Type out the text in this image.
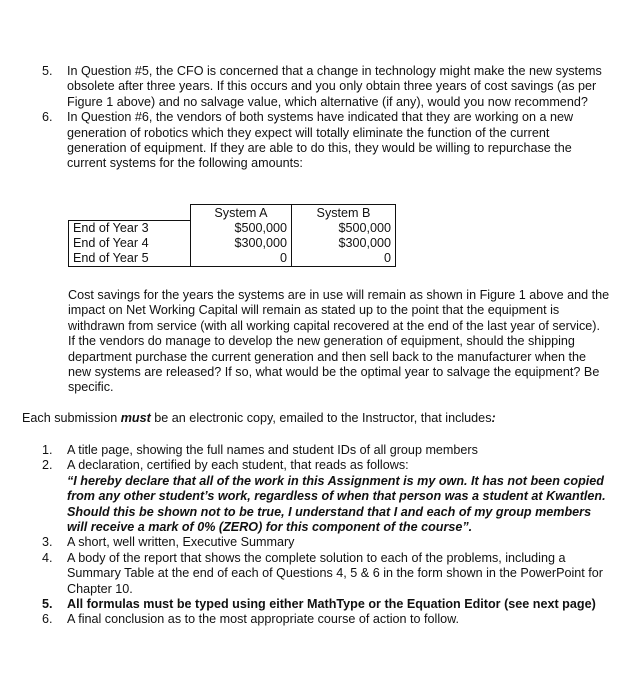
5.	In Question #5, the CFO is concerned that a change in technology might make the new systems obsolete after three years. If this occurs and you only obtain three years of cost savings (as per Figure 1 above) and no salvage value, which alternative (if any), would you now recommend?
6.	In Question #6, the vendors of both systems have indicated that they are working on a new generation of robotics which they expect will totally eliminate the function of the current generation of equipment. If they are able to do this, they would be willing to repurchase the current systems for the following amounts:
	System A	System B
End of Year 3	$500,000	$500,000
End of Year 4	$300,000	$300,000
End of Year 5	0	0

Cost savings for the years the systems are in use will remain as shown in Figure 1 above and the impact on Net Working Capital will remain as stated up to the point that the equipment is withdrawn from service (with all working capital recovered at the end of the last year of service). If the vendors do manage to develop the new generation of equipment, should the shipping department purchase the current generation and then sell back to the manufacturer when the new systems are released? If so, what would be the optimal year to salvage the equipment? Be specific.

Each submission must be an electronic copy, emailed to the Instructor, that includes:

1.	A title page, showing the full names and student IDs of all group members
2.	A declaration, certified by each student, that reads as follows:
“I hereby declare that all of the work in this Assignment is my own. It has not been copied from any other student’s work, regardless of when that person was a student at Kwantlen. Should this be shown not to be true, I understand that I and each of my group members will receive a mark of 0% (ZERO) for this component of the course”.
3.	A short, well written, Executive Summary
4.	A body of the report that shows the complete solution to each of the problems, including a Summary Table at the end of each of Questions 4, 5 & 6 in the form shown in the PowerPoint for Chapter 10.
5.	All formulas must be typed using either MathType or the Equation Editor (see next page)
6.	A final conclusion as to the most appropriate course of action to follow.
